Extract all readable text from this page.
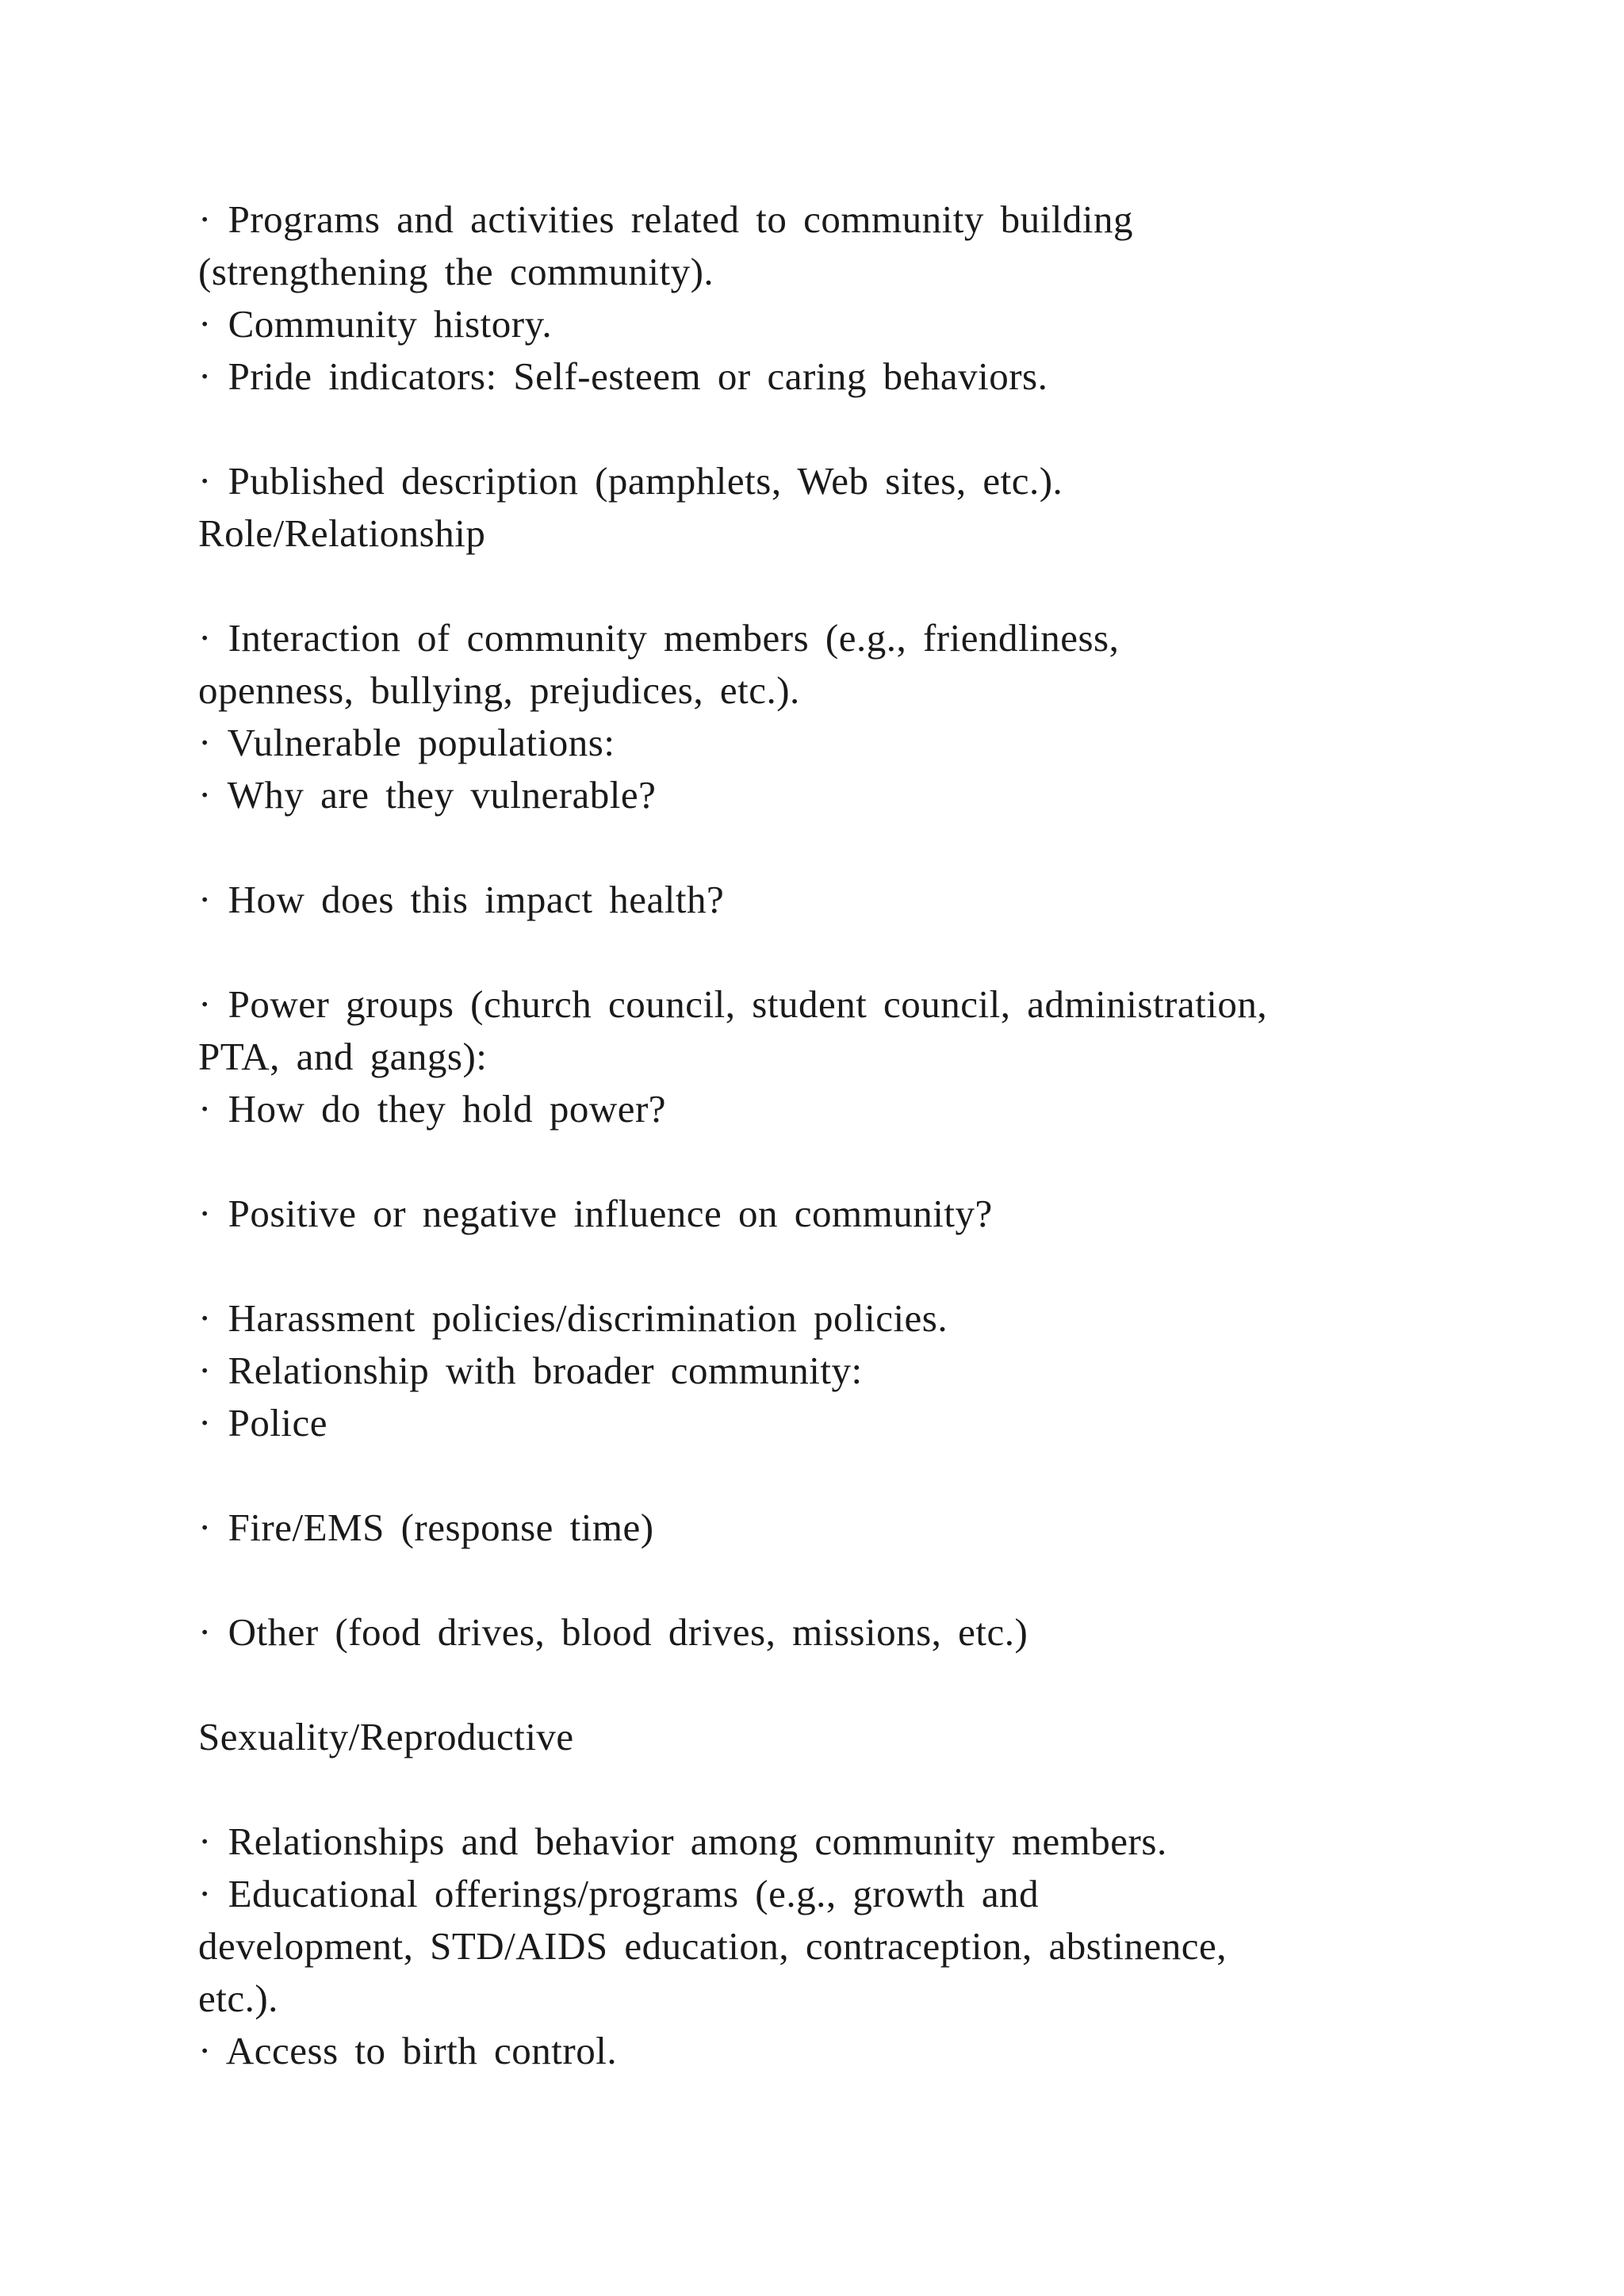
· Programs and activities related to community building
(strengthening the community).
· Community history.
· Pride indicators: Self-esteem or caring behaviors.
· Published description (pamphlets, Web sites, etc.).
Role/Relationship
· Interaction of community members (e.g., friendliness,
openness, bullying, prejudices, etc.).
· Vulnerable populations:
· Why are they vulnerable?
· How does this impact health?
· Power groups (church council, student council, administration,
PTA, and gangs):
· How do they hold power?
· Positive or negative influence on community?
· Harassment policies/discrimination policies.
· Relationship with broader community:
· Police
· Fire/EMS (response time)
· Other (food drives, blood drives, missions, etc.)
Sexuality/Reproductive
· Relationships and behavior among community members.
· Educational offerings/programs (e.g., growth and
development, STD/AIDS education, contraception, abstinence,
etc.).
· Access to birth control.
